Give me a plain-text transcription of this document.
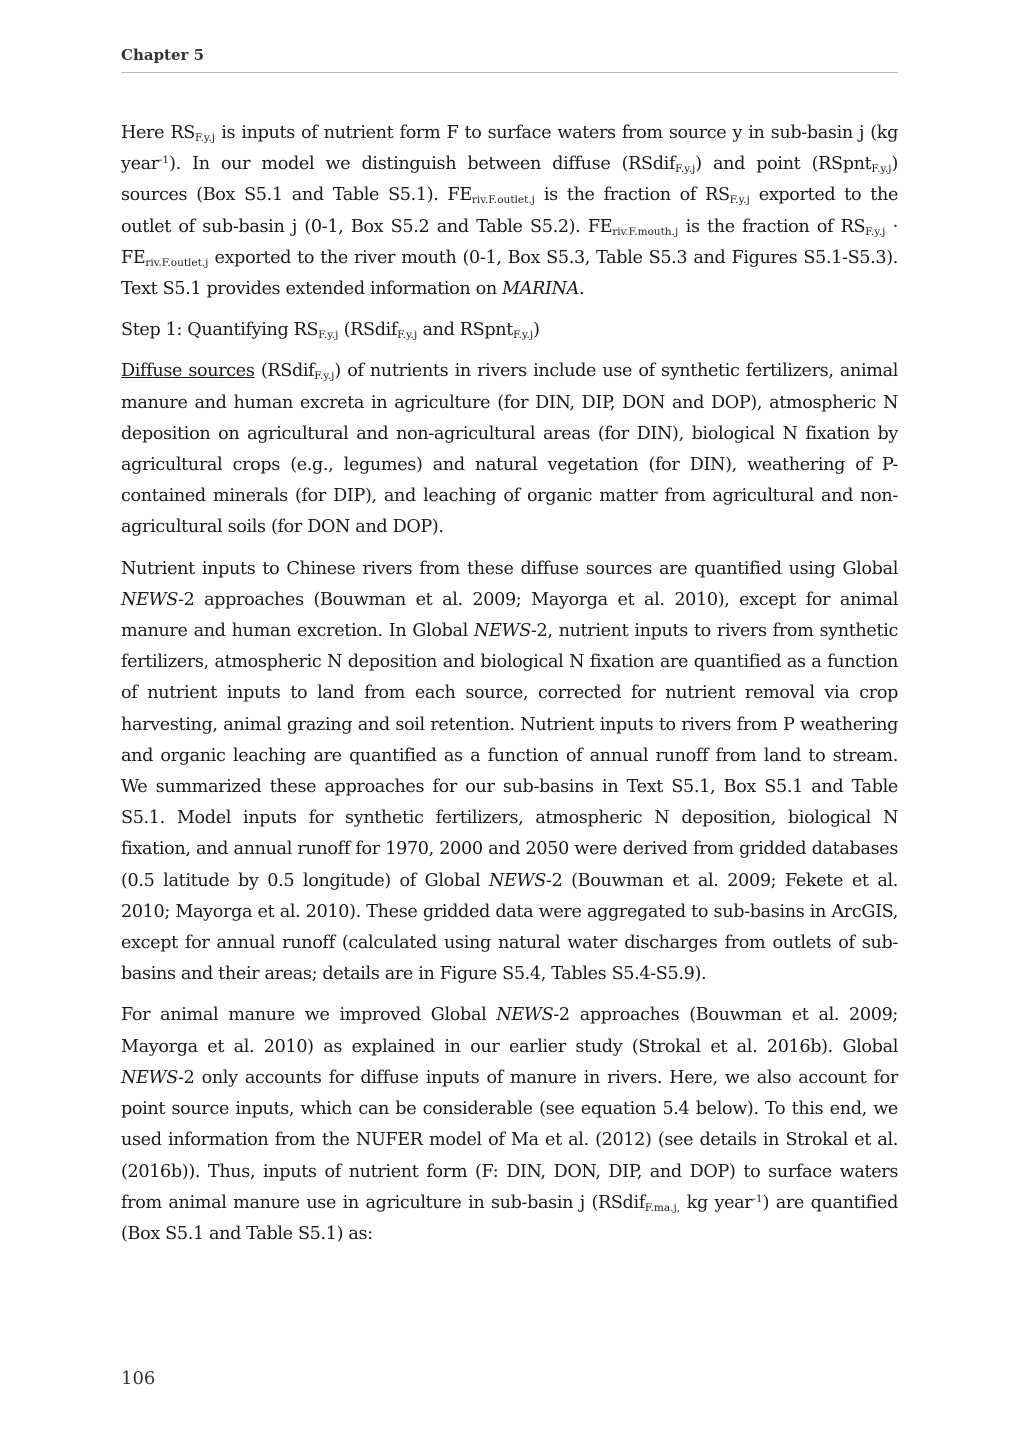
Chapter 5

Here $RS_{F.y.j}$ is inputs of nutrient form F to surface waters from source y in sub-basin j (kg year$^{-1}$). In our model we distinguish between diffuse (RSdif$_{F.y.j}$) and point (RSpnt$_{F.y.j}$) sources (Box S5.1 and Table S5.1). $FE_{riv.F.outlet.j}$ is the fraction of $RS_{F.y.j}$ exported to the outlet of sub-basin j (0-1, Box S5.2 and Table S5.2). $FE_{riv.F.mouth.j}$ is the fraction of $RS_{F.y.j} \cdot FE_{riv.F.outlet.j}$ exported to the river mouth (0-1, Box S5.3, Table S5.3 and Figures S5.1-S5.3). Text S5.1 provides extended information on MARINA.

Step 1: Quantifying $RS_{F.y.j}$ (RSdif$_{F.y.j}$ and RSpnt$_{F.y.j}$)

Diffuse sources (RSdif$_{F.y.j}$) of nutrients in rivers include use of synthetic fertilizers, animal manure and human excreta in agriculture (for DIN, DIP, DON and DOP), atmospheric N deposition on agricultural and non-agricultural areas (for DIN), biological N fixation by agricultural crops (e.g., legumes) and natural vegetation (for DIN), weathering of P-contained minerals (for DIP), and leaching of organic matter from agricultural and non-agricultural soils (for DON and DOP).

Nutrient inputs to Chinese rivers from these diffuse sources are quantified using Global NEWS-2 approaches (Bouwman et al. 2009; Mayorga et al. 2010), except for animal manure and human excretion. In Global NEWS-2, nutrient inputs to rivers from synthetic fertilizers, atmospheric N deposition and biological N fixation are quantified as a function of nutrient inputs to land from each source, corrected for nutrient removal via crop harvesting, animal grazing and soil retention. Nutrient inputs to rivers from P weathering and organic leaching are quantified as a function of annual runoff from land to stream. We summarized these approaches for our sub-basins in Text S5.1, Box S5.1 and Table S5.1. Model inputs for synthetic fertilizers, atmospheric N deposition, biological N fixation, and annual runoff for 1970, 2000 and 2050 were derived from gridded databases (0.5 latitude by 0.5 longitude) of Global NEWS-2 (Bouwman et al. 2009; Fekete et al. 2010; Mayorga et al. 2010). These gridded data were aggregated to sub-basins in ArcGIS, except for annual runoff (calculated using natural water discharges from outlets of sub-basins and their areas; details are in Figure S5.4, Tables S5.4-S5.9).

For animal manure we improved Global NEWS-2 approaches (Bouwman et al. 2009; Mayorga et al. 2010) as explained in our earlier study (Strokal et al. 2016b). Global NEWS-2 only accounts for diffuse inputs of manure in rivers. Here, we also account for point source inputs, which can be considerable (see equation 5.4 below). To this end, we used information from the NUFER model of Ma et al. (2012) (see details in Strokal et al. (2016b)). Thus, inputs of nutrient form (F: DIN, DON, DIP, and DOP) to surface waters from animal manure use in agriculture in sub-basin j (RSdif$_{F.ma.j,}$ kg year$^{-1}$) are quantified (Box S5.1 and Table S5.1) as:

106
